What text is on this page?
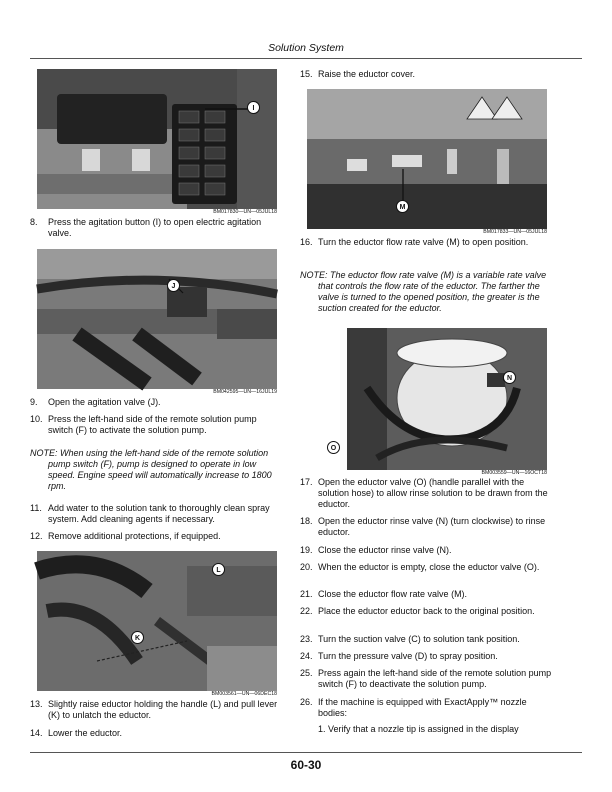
Solution System
I
BM017830—UN—05JUL18
8. Press the agitation button (I) to open electric agitation valve.
J
BM042595—UN—16JUL19
9. Open the agitation valve (J).
10. Press the left-hand side of the remote solution pump switch (F) to activate the solution pump.
NOTE: When using the left-hand side of the remote solution pump switch (F), pump is designed to operate in low speed. Engine speed will automatically increase to 1800 rpm.
11. Add water to the solution tank to thoroughly clean spray system. Add cleaning agents if necessary.
12. Remove additional protections, if equipped.
L
K
BM003561—UN—06DEC18
13. Slightly raise eductor holding the handle (L) and pull lever (K) to unlatch the eductor.
14. Lower the eductor.
15. Raise the eductor cover.
M
BM017833—UN—05JUL18
16. Turn the eductor flow rate valve (M) to open position.
NOTE: The eductor flow rate valve (M) is a variable rate valve that controls the flow rate of the eductor. The farther the valve is turned to the opened position, the greater is the suction created for the eductor.
N
O
BM003559—UN—16OCT18
17. Open the eductor valve (O) (handle parallel with the solution hose) to allow rinse solution to be drawn from the eductor.
18. Open the eductor rinse valve (N) (turn clockwise) to rinse eductor.
19. Close the eductor rinse valve (N).
20. When the eductor is empty, close the eductor valve (O).
21. Close the eductor flow rate valve (M).
22. Place the eductor eductor back to the original position.
23. Turn the suction valve (C) to solution tank position.
24. Turn the pressure valve (D) to spray position.
25. Press again the left-hand side of the remote solution pump switch (F) to deactivate the solution pump.
26. If the machine is equipped with ExactApply™ nozzle bodies:
1. Verify that a nozzle tip is assigned in the display
60-30
